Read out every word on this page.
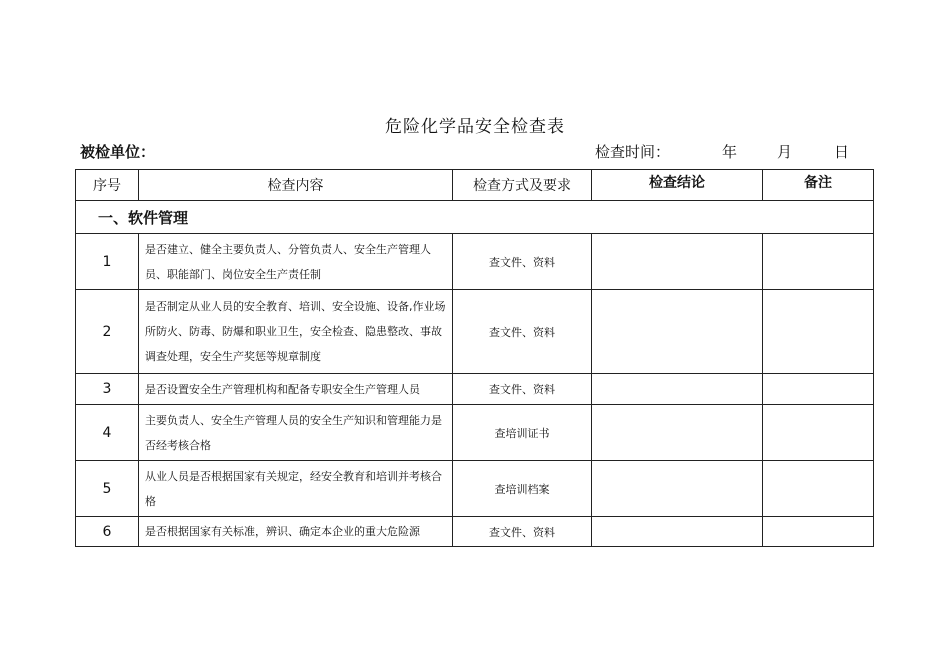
危险化学品安全检查表
被检单位：	检查时间：	年	月	日
序号	检查内容	检查方式及要求	检查结论	备注
一、软件管理				
1	是否建立、健全主要负责人、分管负责人、安全生产管理人员、职能部门、岗位安全生产责任制	查文件、资料		
2	是否制定从业人员的安全教育、培训、安全设施、设备,作业场所防火、防毒、防爆和职业卫生，安全检查、隐患整改、事故调查处理，安全生产奖惩等规章制度	查文件、资料		
3	是否设置安全生产管理机构和配备专职安全生产管理人员	查文件、资料		
4	主要负责人、安全生产管理人员的安全生产知识和管理能力是否经考核合格	查培训证书		
5	从业人员是否根据国家有关规定，经安全教育和培训并考核合格	查培训档案		
6	是否根据国家有关标准，辨识、确定本企业的重大危险源	查文件、资料		
